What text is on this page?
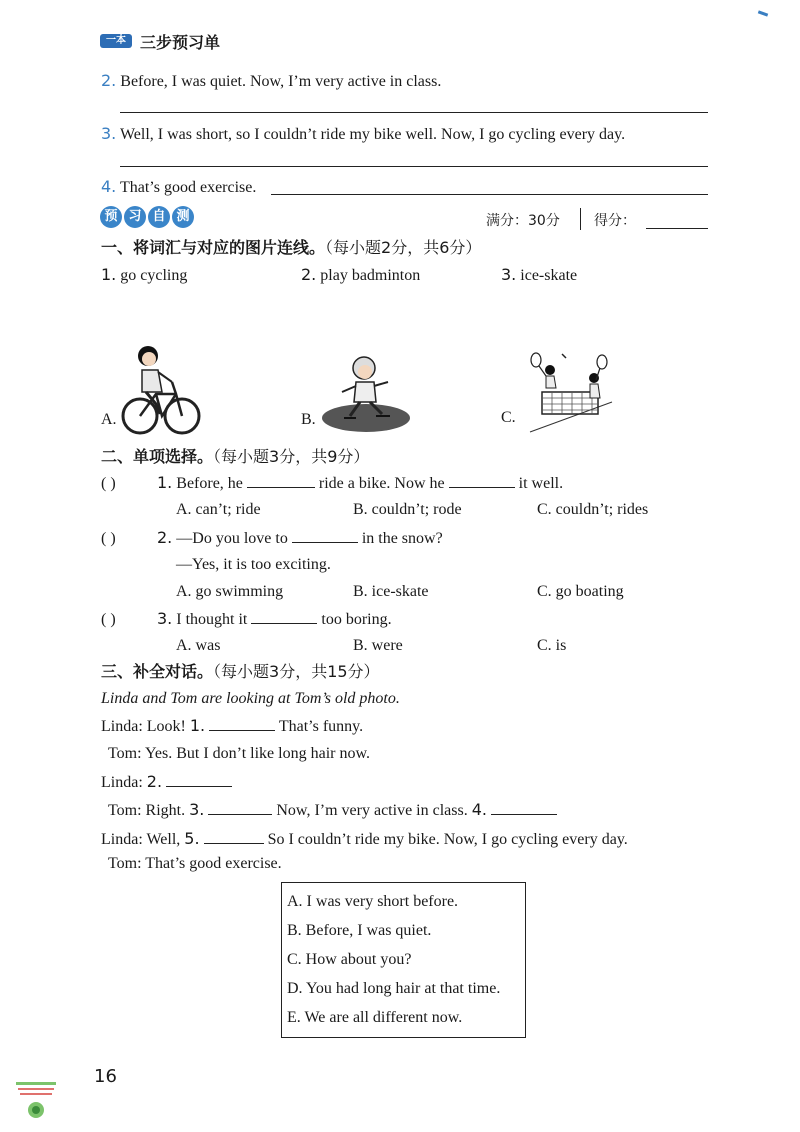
一本 三步预习单
2. Before, I was quiet. Now, I’m very active in class.
3. Well, I was short, so I couldn’t ride my bike well. Now, I go cycling every day.
4. That’s good exercise.
预 习 自 测	满分：30分 得分：
一、将词汇与对应的图片连线。（每小题2分，共6分）
1. go cycling	2. play badminton	3. ice-skate
A.	B.	C.
二、单项选择。（每小题3分，共9分）
( )	1. Before, he	ride a bike. Now he	it well.
A. can’t; ride	B. couldn’t; rode	C. couldn’t; rides
( )	2. —Do you love to	in the snow?
—Yes, it is too exciting.
A. go swimming	B. ice-skate	C. go boating
( )	3. I thought it	too boring.
A. was	B. were	C. is
三、补全对话。（每小题3分，共15分）
Linda and Tom are looking at Tom’s old photo.
Linda: Look! 1.	That’s funny.
Tom: Yes. But I don’t like long hair now.
Linda: 2.
Tom: Right. 3.	Now, I’m very active in class. 4.
Linda: Well, 5.	So I couldn’t ride my bike. Now, I go cycling every day.
Tom: That’s good exercise.
A. I was very short before.
B. Before, I was quiet.
C. How about you?
D. You had long hair at that time.
E. We are all different now.
16
